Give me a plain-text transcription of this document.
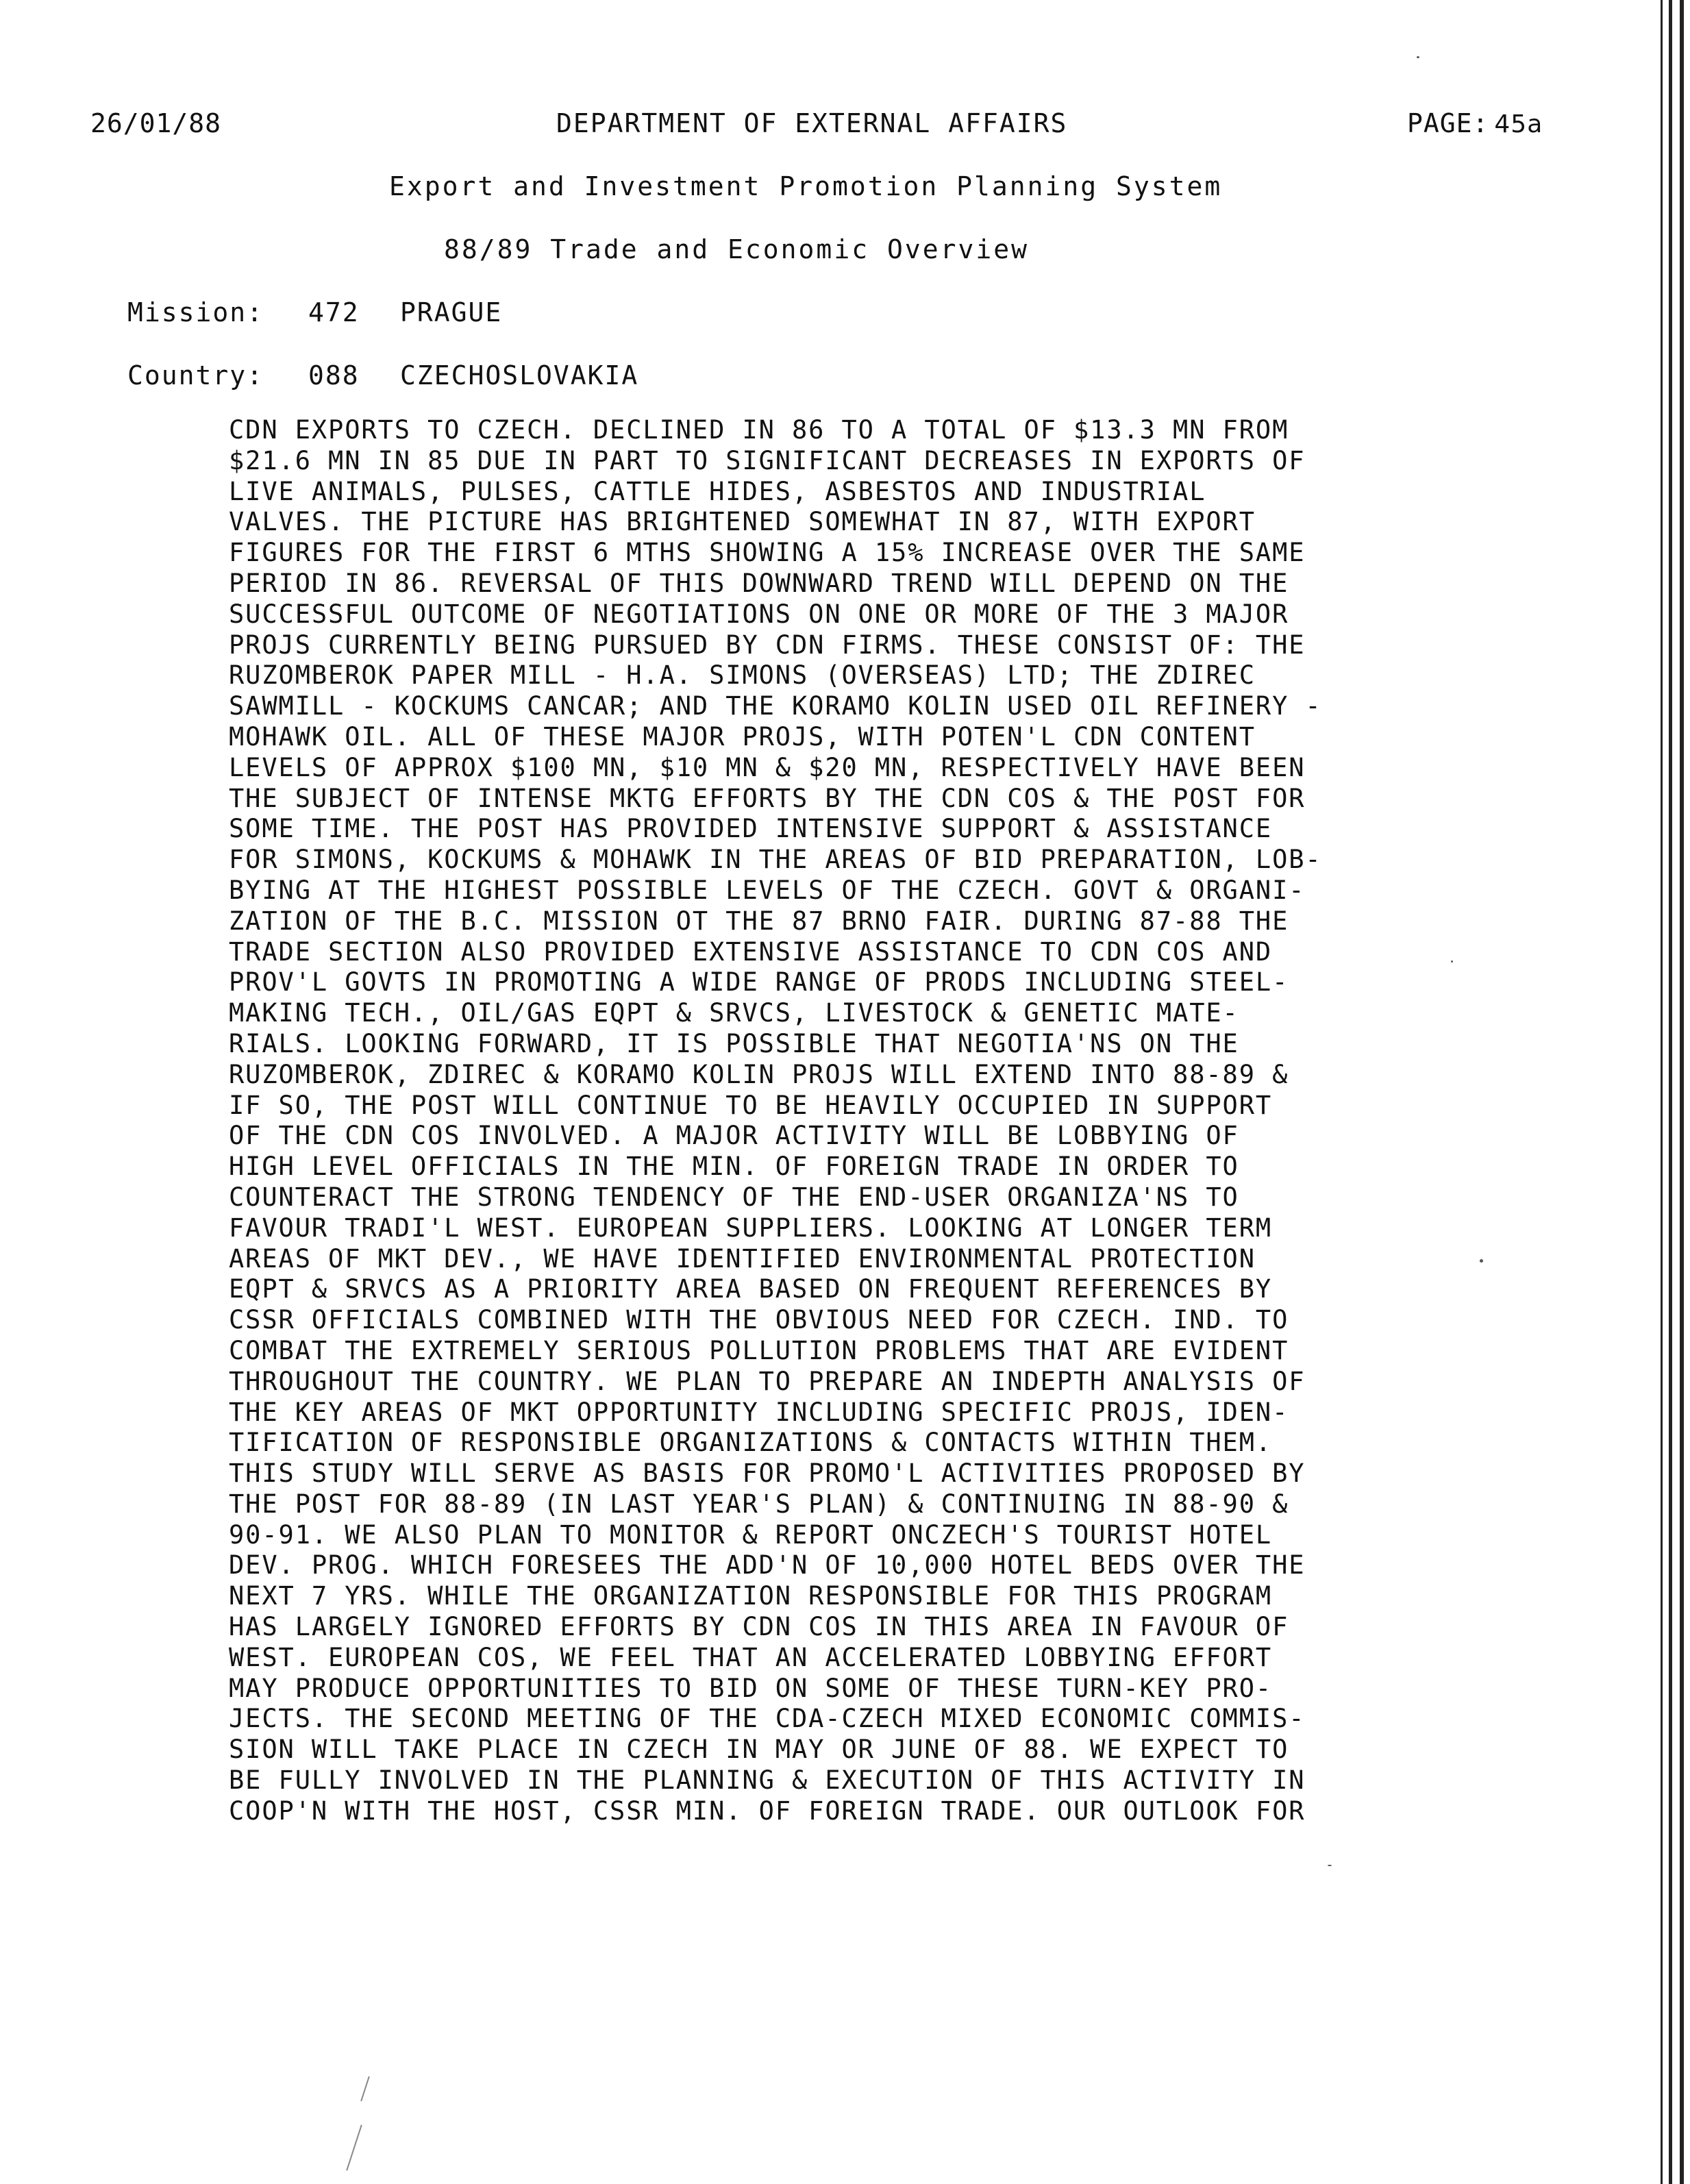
26/01/88	DEPARTMENT OF EXTERNAL AFFAIRS	PAGE: 45a
Export and Investment Promotion Planning System
88/89 Trade and Economic Overview
Mission: 472 PRAGUE
Country: 088 CZECHOSLOVAKIA
CDN EXPORTS TO CZECH. DECLINED IN 86 TO A TOTAL OF $13.3 MN FROM
$21.6 MN IN 85 DUE IN PART TO SIGNIFICANT DECREASES IN EXPORTS OF
LIVE ANIMALS, PULSES, CATTLE HIDES, ASBESTOS AND INDUSTRIAL
VALVES. THE PICTURE HAS BRIGHTENED SOMEWHAT IN 87, WITH EXPORT
FIGURES FOR THE FIRST 6 MTHS SHOWING A 15% INCREASE OVER THE SAME
PERIOD IN 86. REVERSAL OF THIS DOWNWARD TREND WILL DEPEND ON THE
SUCCESSFUL OUTCOME OF NEGOTIATIONS ON ONE OR MORE OF THE 3 MAJOR
PROJS CURRENTLY BEING PURSUED BY CDN FIRMS. THESE CONSIST OF: THE
RUZOMBEROK PAPER MILL - H.A. SIMONS (OVERSEAS) LTD; THE ZDIREC
SAWMILL - KOCKUMS CANCAR; AND THE KORAMO KOLIN USED OIL REFINERY -
MOHAWK OIL. ALL OF THESE MAJOR PROJS, WITH POTEN'L CDN CONTENT
LEVELS OF APPROX $100 MN, $10 MN & $20 MN, RESPECTIVELY HAVE BEEN
THE SUBJECT OF INTENSE MKTG EFFORTS BY THE CDN COS & THE POST FOR
SOME TIME. THE POST HAS PROVIDED INTENSIVE SUPPORT & ASSISTANCE
FOR SIMONS, KOCKUMS & MOHAWK IN THE AREAS OF BID PREPARATION, LOB-
BYING AT THE HIGHEST POSSIBLE LEVELS OF THE CZECH. GOVT & ORGANI-
ZATION OF THE B.C. MISSION OT THE 87 BRNO FAIR. DURING 87-88 THE
TRADE SECTION ALSO PROVIDED EXTENSIVE ASSISTANCE TO CDN COS AND
PROV'L GOVTS IN PROMOTING A WIDE RANGE OF PRODS INCLUDING STEEL-
MAKING TECH., OIL/GAS EQPT & SRVCS, LIVESTOCK & GENETIC MATE-
RIALS. LOOKING FORWARD, IT IS POSSIBLE THAT NEGOTIA'NS ON THE
RUZOMBEROK, ZDIREC & KORAMO KOLIN PROJS WILL EXTEND INTO 88-89 &
IF SO, THE POST WILL CONTINUE TO BE HEAVILY OCCUPIED IN SUPPORT
OF THE CDN COS INVOLVED. A MAJOR ACTIVITY WILL BE LOBBYING OF
HIGH LEVEL OFFICIALS IN THE MIN. OF FOREIGN TRADE IN ORDER TO
COUNTERACT THE STRONG TENDENCY OF THE END-USER ORGANIZA'NS TO
FAVOUR TRADI'L WEST. EUROPEAN SUPPLIERS. LOOKING AT LONGER TERM
AREAS OF MKT DEV., WE HAVE IDENTIFIED ENVIRONMENTAL PROTECTION
EQPT & SRVCS AS A PRIORITY AREA BASED ON FREQUENT REFERENCES BY
CSSR OFFICIALS COMBINED WITH THE OBVIOUS NEED FOR CZECH. IND. TO
COMBAT THE EXTREMELY SERIOUS POLLUTION PROBLEMS THAT ARE EVIDENT
THROUGHOUT THE COUNTRY. WE PLAN TO PREPARE AN INDEPTH ANALYSIS OF
THE KEY AREAS OF MKT OPPORTUNITY INCLUDING SPECIFIC PROJS, IDEN-
TIFICATION OF RESPONSIBLE ORGANIZATIONS & CONTACTS WITHIN THEM.
THIS STUDY WILL SERVE AS BASIS FOR PROMO'L ACTIVITIES PROPOSED BY
THE POST FOR 88-89 (IN LAST YEAR'S PLAN) & CONTINUING IN 88-90 &
90-91. WE ALSO PLAN TO MONITOR & REPORT ONCZECH'S TOURIST HOTEL
DEV. PROG. WHICH FORESEES THE ADD'N OF 10,000 HOTEL BEDS OVER THE
NEXT 7 YRS. WHILE THE ORGANIZATION RESPONSIBLE FOR THIS PROGRAM
HAS LARGELY IGNORED EFFORTS BY CDN COS IN THIS AREA IN FAVOUR OF
WEST. EUROPEAN COS, WE FEEL THAT AN ACCELERATED LOBBYING EFFORT
MAY PRODUCE OPPORTUNITIES TO BID ON SOME OF THESE TURN-KEY PRO-
JECTS. THE SECOND MEETING OF THE CDA-CZECH MIXED ECONOMIC COMMIS-
SION WILL TAKE PLACE IN CZECH IN MAY OR JUNE OF 88. WE EXPECT TO
BE FULLY INVOLVED IN THE PLANNING & EXECUTION OF THIS ACTIVITY IN
COOP'N WITH THE HOST, CSSR MIN. OF FOREIGN TRADE. OUR OUTLOOK FOR
